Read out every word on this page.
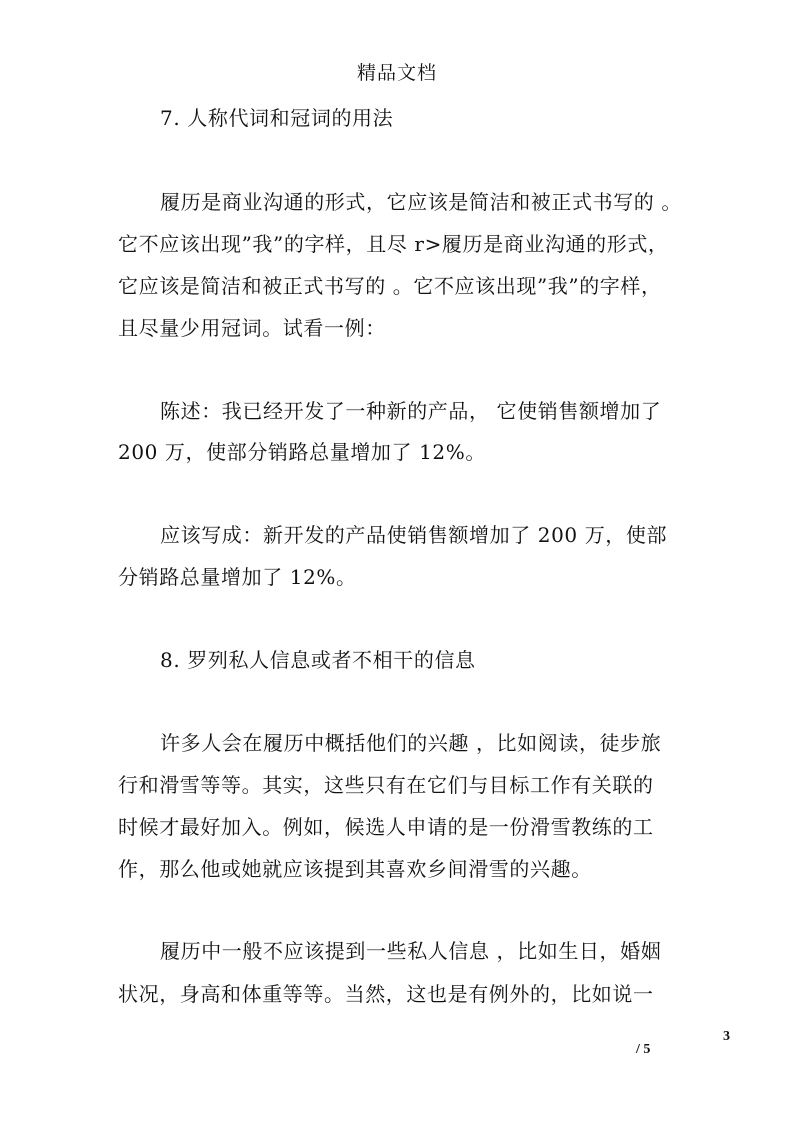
精品文档
7. 人称代词和冠词的用法
履历是商业沟通的形式，它应该是简洁和被正式书写的 。
它不应该出现”我”的字样，且尽 r>履历是商业沟通的形式，
它应该是简洁和被正式书写的 。它不应该出现”我”的字样，
且尽量少用冠词。试看一例：
陈述：我已经开发了一种新的产品， 它使销售额增加了
200 万，使部分销路总量增加了 12%。
应该写成：新开发的产品使销售额增加了 200 万，使部
分销路总量增加了 12%。
8. 罗列私人信息或者不相干的信息
许多人会在履历中概括他们的兴趣 ，比如阅读，徒步旅
行和滑雪等等。其实，这些只有在它们与目标工作有关联的
时候才最好加入。例如，候选人申请的是一份滑雪教练的工
作，那么他或她就应该提到其喜欢乡间滑雪的兴趣。
履历中一般不应该提到一些私人信息 ，比如生日，婚姻
状况，身高和体重等等。当然，这也是有例外的，比如说一
3
/ 5
